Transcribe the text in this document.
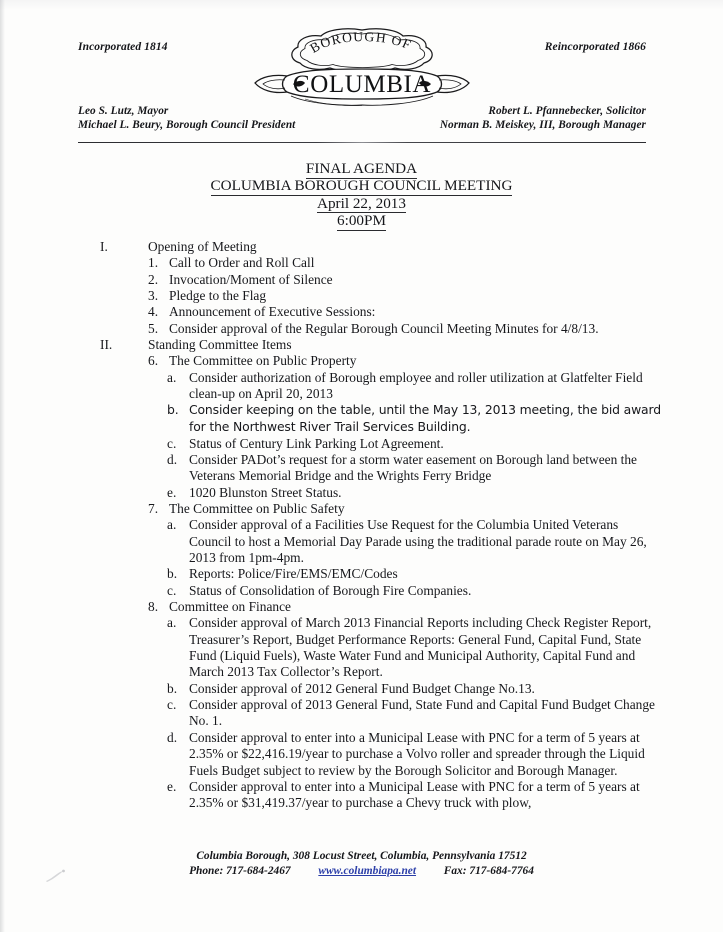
Incorporated 1814	Reincorporated 1866
BOROUGH OF
COLUMBIA
Leo S. Lutz, Mayor
Michael L. Beury, Borough Council President
Robert L. Pfannebecker, Solicitor
Norman B. Meiskey, III, Borough Manager
FINAL AGENDA
COLUMBIA BOROUGH COUNCIL MEETING
April 22, 2013
6:00PM
I.	Opening of Meeting
1. Call to Order and Roll Call
2. Invocation/Moment of Silence
3. Pledge to the Flag
4. Announcement of Executive Sessions:
5. Consider approval of the Regular Borough Council Meeting Minutes for 4/8/13.
II.	Standing Committee Items
6. The Committee on Public Property
a. Consider authorization of Borough employee and roller utilization at Glatfelter Field clean-up on April 20, 2013
b. Consider keeping on the table, until the May 13, 2013 meeting, the bid award for the Northwest River Trail Services Building.
c. Status of Century Link Parking Lot Agreement.
d. Consider PADot’s request for a storm water easement on Borough land between the Veterans Memorial Bridge and the Wrights Ferry Bridge
e. 1020 Blunston Street Status.
7. The Committee on Public Safety
a. Consider approval of a Facilities Use Request for the Columbia United Veterans Council to host a Memorial Day Parade using the traditional parade route on May 26, 2013 from 1pm-4pm.
b. Reports: Police/Fire/EMS/EMC/Codes
c. Status of Consolidation of Borough Fire Companies.
8. Committee on Finance
a. Consider approval of March 2013 Financial Reports including Check Register Report, Treasurer’s Report, Budget Performance Reports: General Fund, Capital Fund, State Fund (Liquid Fuels), Waste Water Fund and Municipal Authority, Capital Fund and March 2013 Tax Collector’s Report.
b. Consider approval of 2012 General Fund Budget Change No.13.
c. Consider approval of 2013 General Fund, State Fund and Capital Fund Budget Change No. 1.
d. Consider approval to enter into a Municipal Lease with PNC for a term of 5 years at 2.35% or $22,416.19/year to purchase a Volvo roller and spreader through the Liquid Fuels Budget subject to review by the Borough Solicitor and Borough Manager.
e. Consider approval to enter into a Municipal Lease with PNC for a term of 5 years at 2.35% or $31,419.37/year to purchase a Chevy truck with plow,
Columbia Borough, 308 Locust Street, Columbia, Pennsylvania 17512
Phone: 717-684-2467 www.columbiapa.net Fax: 717-684-7764
